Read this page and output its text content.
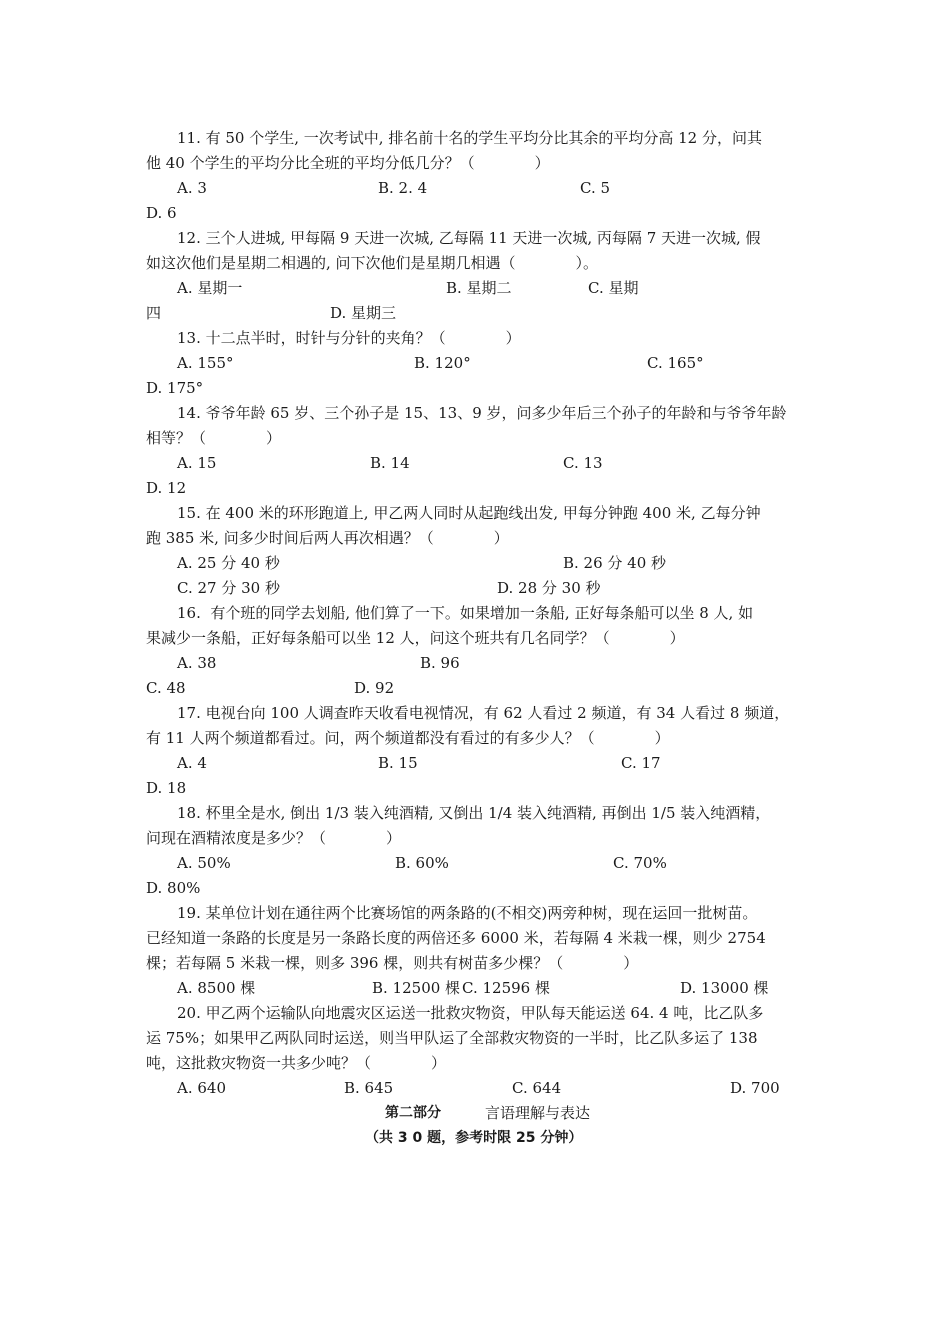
11. 有 50 个学生, 一次考试中, 排名前十名的学生平均分比其余的平均分高 12 分，问其
他 40 个学生的平均分比全班的平均分低几分？（　　　　）
A. 3	B. 2. 4	C. 5
D. 6
12. 三个人进城, 甲每隔 9 天进一次城, 乙每隔 11 天进一次城, 丙每隔 7 天进一次城, 假
如这次他们是星期二相遇的, 问下次他们是星期几相遇（　　　　）。
A. 星期一	B. 星期二	C. 星期
四	D. 星期三
13. 十二点半时，时针与分针的夹角？（　　　　）
A. 155°	B. 120°	C. 165°
D. 175°
14. 爷爷年龄 65 岁、三个孙子是 15、13、9 岁，问多少年后三个孙子的年龄和与爷爷年龄
相等？（　　　　）
A. 15	B. 14	C. 13
D. 12
15. 在 400 米的环形跑道上, 甲乙两人同时从起跑线出发, 甲每分钟跑 400 米, 乙每分钟
跑 385 米, 问多少时间后两人再次相遇？（　　　　）
A. 25 分 40 秒	B. 26 分 40 秒
C. 27 分 30 秒	D. 28 分 30 秒
16.  有个班的同学去划船, 他们算了一下。如果增加一条船, 正好每条船可以坐 8 人, 如
果减少一条船，正好每条船可以坐 12 人，问这个班共有几名同学？（　　　　）
A. 38	B. 96
C. 48	D. 92
17. 电视台向 100 人调查昨天收看电视情况，有 62 人看过 2 频道，有 34 人看过 8 频道，
有 11 人两个频道都看过。问，两个频道都没有看过的有多少人？（　　　　）
A. 4	B. 15	C. 17
D. 18
18. 杯里全是水, 倒出 1/3 装入纯酒精, 又倒出 1/4 装入纯酒精, 再倒出 1/5 装入纯酒精，
问现在酒精浓度是多少？（　　　　）
A. 50%	B. 60%	C. 70%
D. 80%
19. 某单位计划在通往两个比赛场馆的两条路的(不相交)两旁种树，现在运回一批树苗。
已经知道一条路的长度是另一条路长度的两倍还多 6000 米，若每隔 4 米栽一棵，则少 2754
棵；若每隔 5 米栽一棵，则多 396 棵，则共有树苗多少棵？（　　　　）
A. 8500 棵	B. 12500 棵 C. 12596 棵	D. 13000 棵
20. 甲乙两个运输队向地震灾区运送一批救灾物资，甲队每天能运送 64. 4 吨，比乙队多
运 75%；如果甲乙两队同时运送，则当甲队运了全部救灾物资的一半时，比乙队多运了 138
吨，这批救灾物资一共多少吨？（　　　　）
A. 640	B. 645	C. 644	D. 700
第二部分	言语理解与表达
（共 3 0 题，参考时限 25 分钟）
